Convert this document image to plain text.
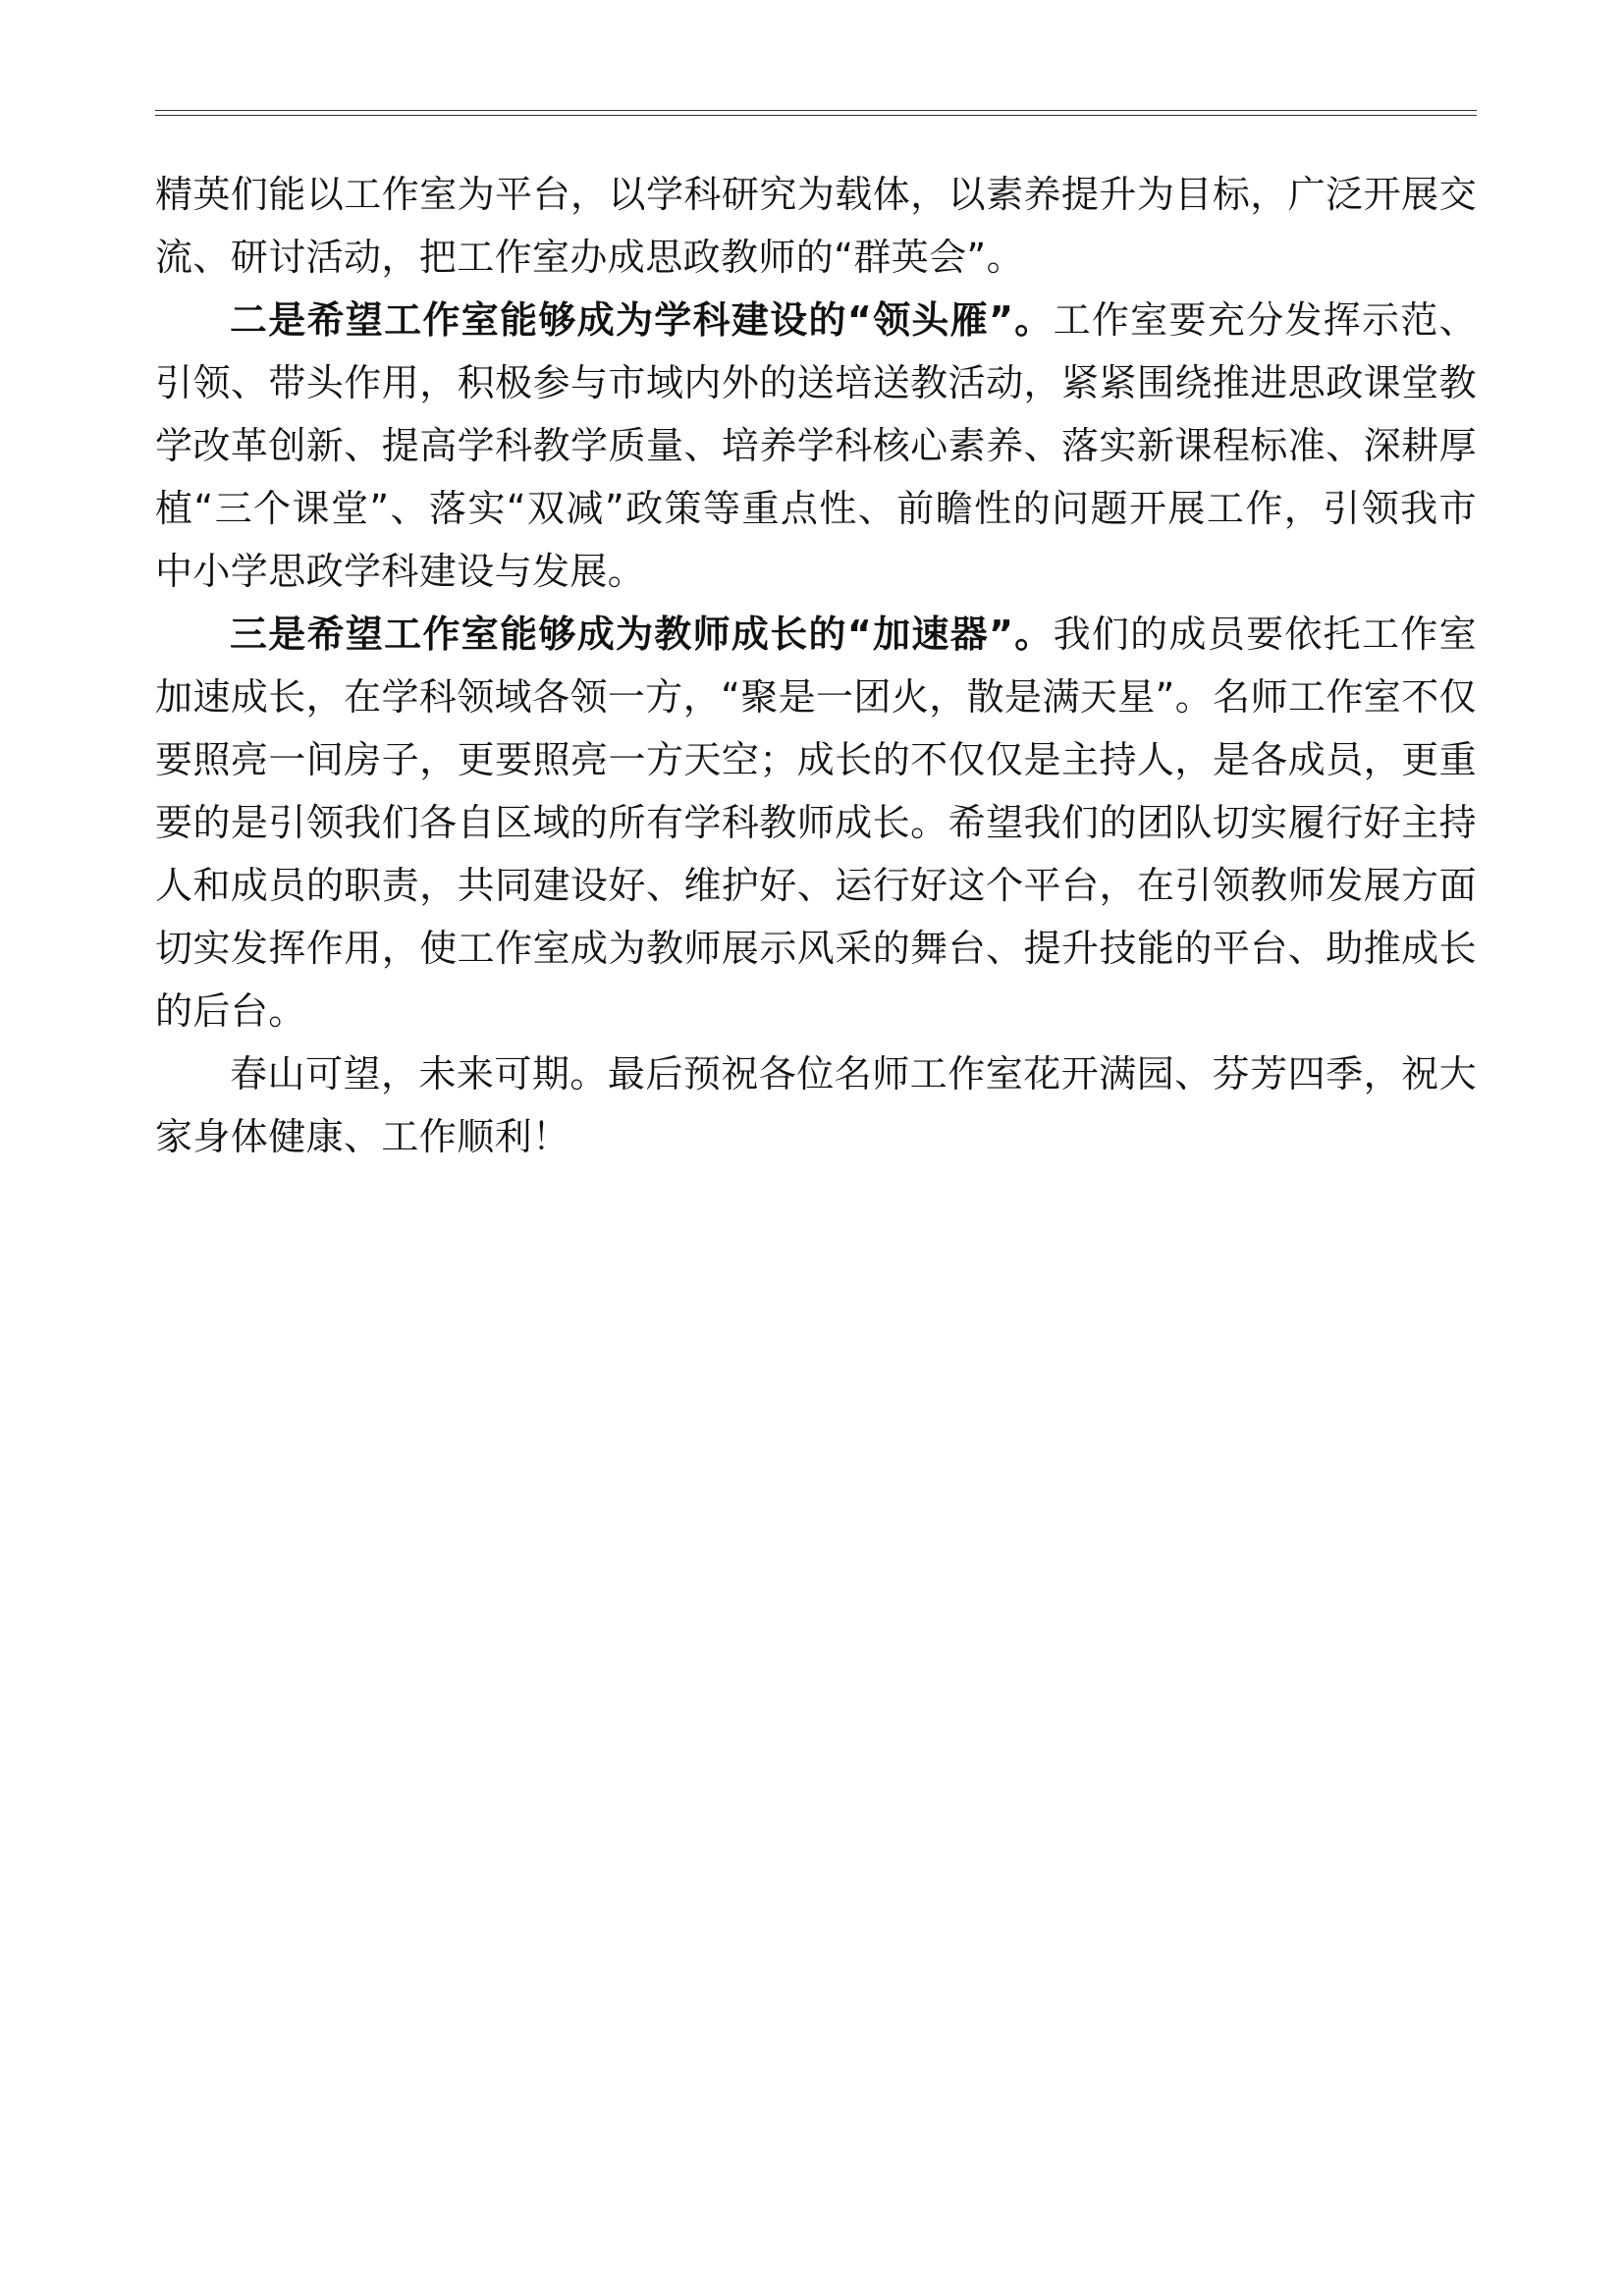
精英们能以工作室为平台，以学科研究为载体，以素养提升为目标，广泛开展交流、研讨活动，把工作室办成思政教师的“群英会”。

二是希望工作室能够成为学科建设的“领头雁”。工作室要充分发挥示范、引领、带头作用，积极参与市域内外的送培送教活动，紧紧围绕推进思政课堂教学改革创新、提高学科教学质量、培养学科核心素养、落实新课程标准、深耕厚植“三个课堂”、落实“双减”政策等重点性、前瞻性的问题开展工作，引领我市中小学思政学科建设与发展。

三是希望工作室能够成为教师成长的“加速器”。我们的成员要依托工作室加速成长，在学科领域各领一方，“聚是一团火，散是满天星”。名师工作室不仅要照亮一间房子，更要照亮一方天空；成长的不仅仅是主持人，是各成员，更重要的是引领我们各自区域的所有学科教师成长。希望我们的团队切实履行好主持人和成员的职责，共同建设好、维护好、运行好这个平台，在引领教师发展方面切实发挥作用，使工作室成为教师展示风采的舞台、提升技能的平台、助推成长的后台。

春山可望，未来可期。最后预祝各位名师工作室花开满园、芬芳四季，祝大家身体健康、工作顺利！
